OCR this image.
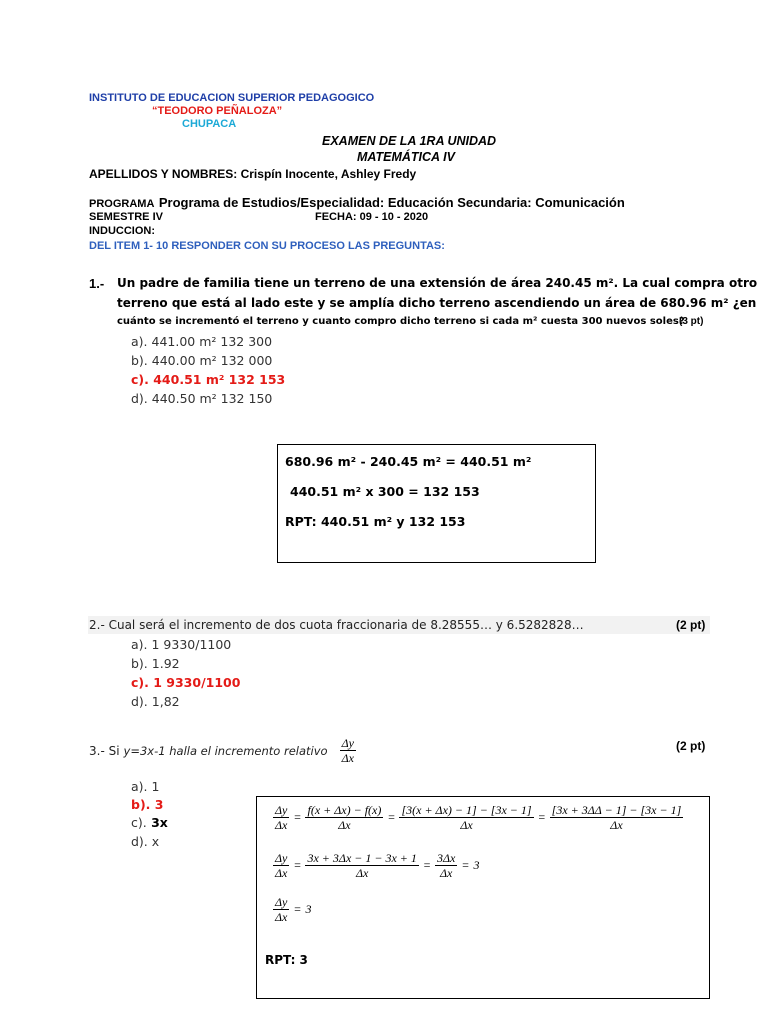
INSTITUTO DE EDUCACION SUPERIOR PEDAGOGICO
“TEODORO PEÑALOZA”
CHUPACA
EXAMEN DE LA 1RA UNIDAD
MATEMÁTICA IV
APELLIDOS Y NOMBRES: Crispín Inocente, Ashley Fredy
PROGRAMA Programa de Estudios/Especialidad: Educación Secundaria: Comunicación
SEMESTRE IV	FECHA: 09 - 10 - 2020
INDUCCION:
DEL ITEM 1- 10 RESPONDER CON SU PROCESO LAS PREGUNTAS:
1.- Un padre de familia tiene un terreno de una extensión de área 240.45 m². La cual compra otro
terreno que está al lado este y se amplía dicho terreno ascendiendo un área de 680.96 m² ¿en
cuánto se incrementó el terreno y cuanto compro dicho terreno si cada m² cuesta 300 nuevos soles?
(3 pt)
a). 441.00 m² 132 300
b). 440.00 m² 132 000
c). 440.51 m² 132 153
d). 440.50 m² 132 150
680.96 m² - 240.45 m² = 440.51 m²
440.51 m² x 300 = 132 153
RPT: 440.51 m² y 132 153
2.- Cual será el incremento de dos cuota fraccionaria de 8.28555… y 6.5282828…	(2 pt)
a). 1 9330/1100
b). 1.92
c). 1 9330/1100
d). 1,82
3.- Si y=3x-1 halla el incremento relativo $\frac{\Delta y}{\Delta x}$	(2 pt)
a). 1
b). 3
c). 3x
d). x
$\frac{\Delta y}{\Delta x} = \frac{f(x + \Delta x) - f(x)}{\Delta x} = \frac{[3(x + \Delta x) - 1] - [3x - 1]}{\Delta x} = \frac{[3x + 3\Delta\Delta - 1] - [3x - 1]}{\Delta x}$
$\frac{\Delta y}{\Delta x} = \frac{3x + 3\Delta x - 1 - 3x + 1}{\Delta x} = \frac{3\Delta x}{\Delta x} = 3$
$\frac{\Delta y}{\Delta x} = 3$
RPT: 3
